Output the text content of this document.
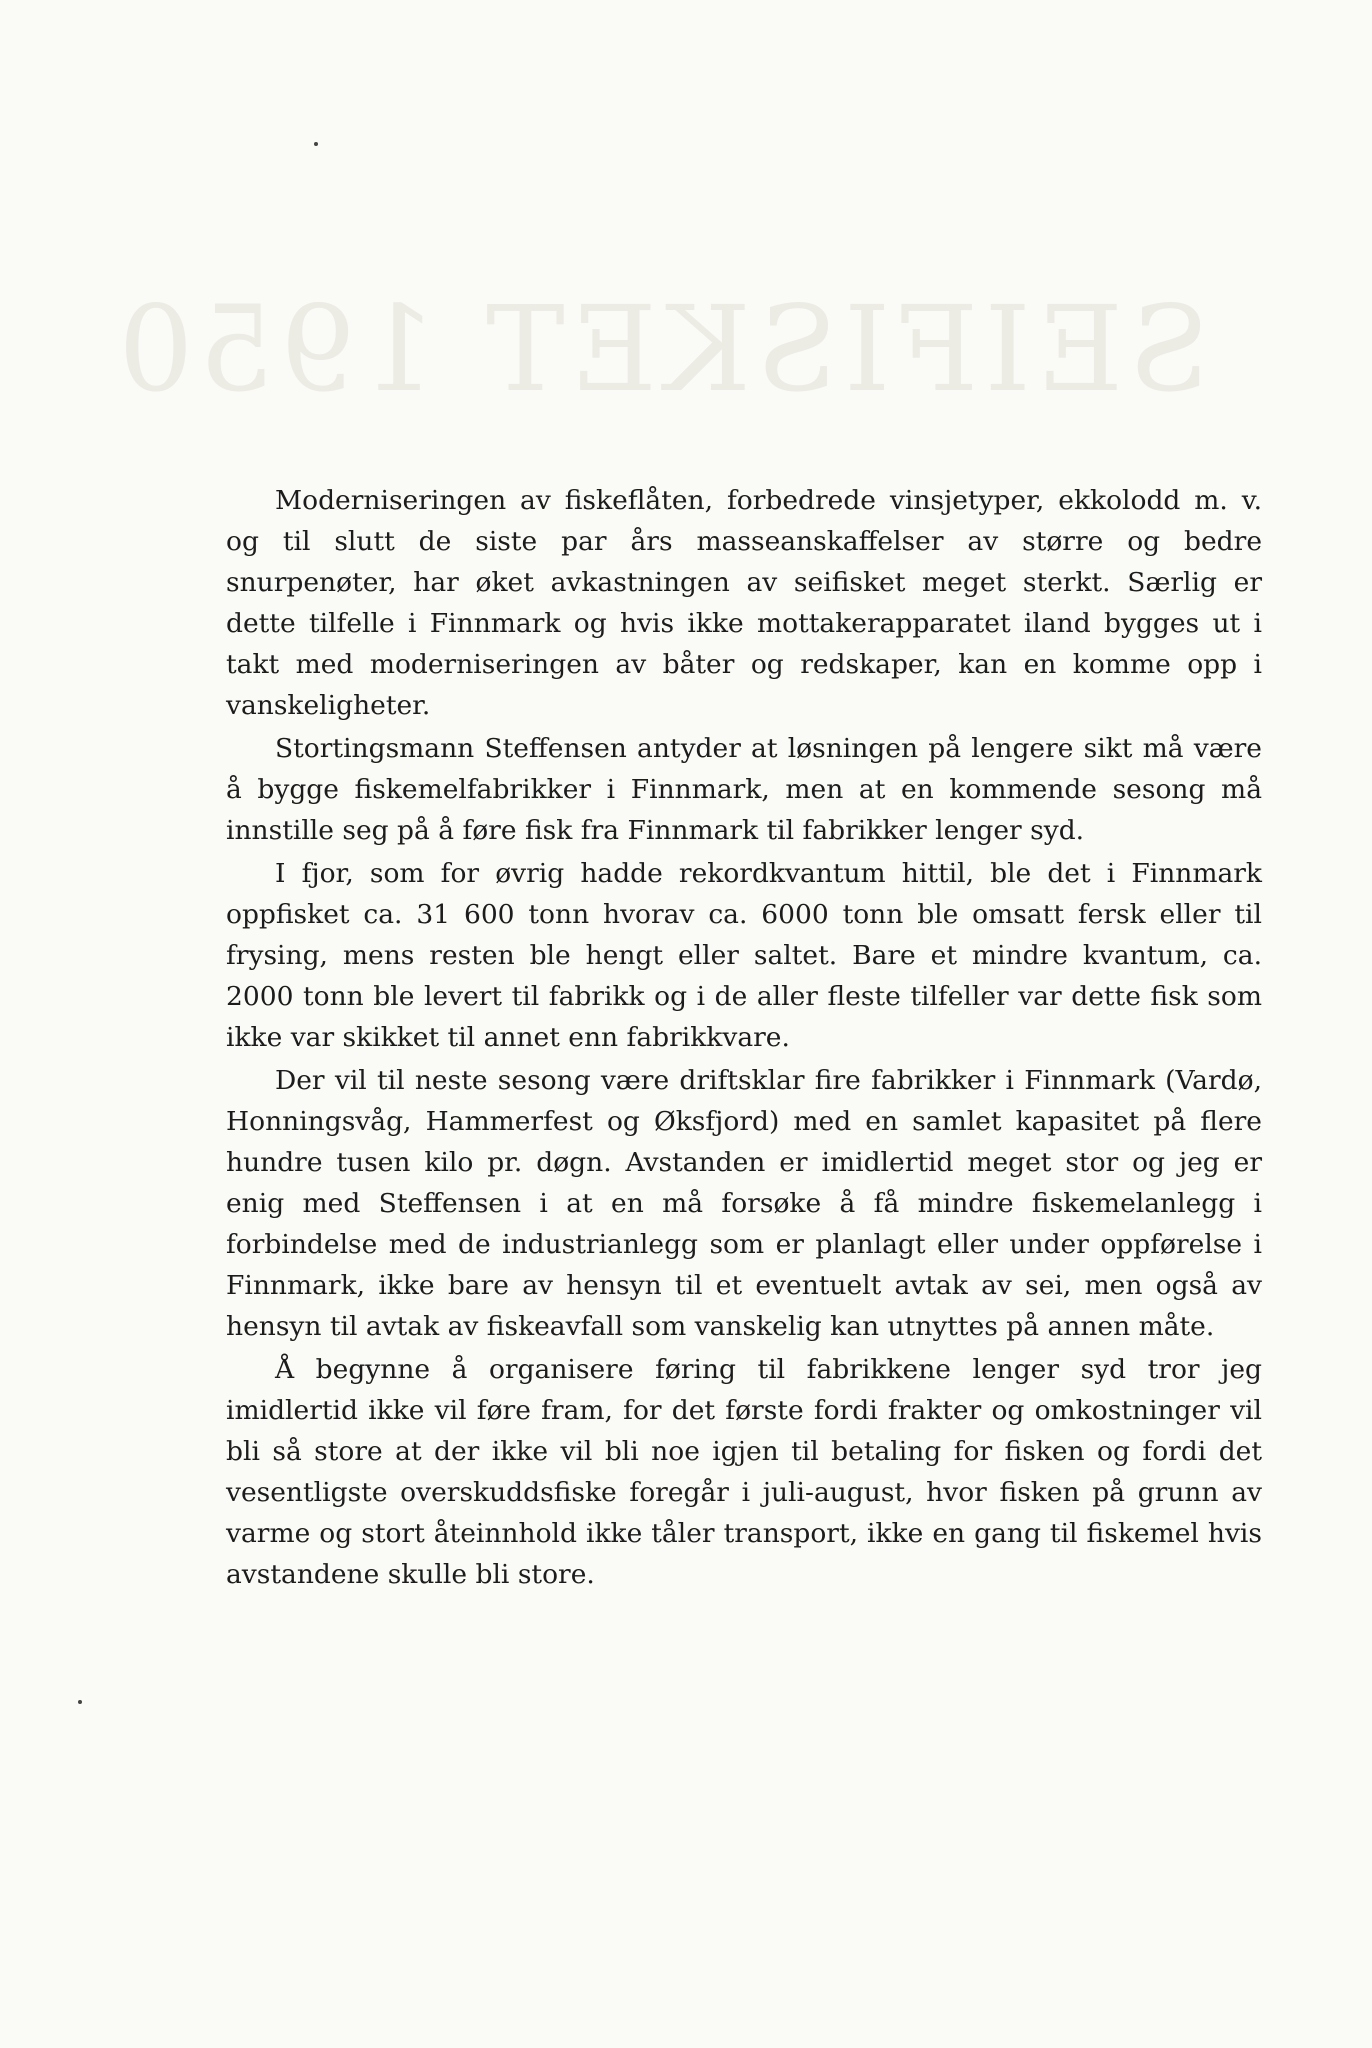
SEIFISKET 1950

Moderniseringen av fiskeflåten, forbedrede vinsjetyper, ekkolodd m. v. og til slutt de siste par års masseanskaffelser av større og bedre snurpenøter, har øket avkastningen av seifisket meget sterkt. Særlig er dette tilfelle i Finnmark og hvis ikke mottakerapparatet iland bygges ut i takt med moderniseringen av båter og redskaper, kan en komme opp i vanskeligheter.

Stortingsmann Steffensen antyder at løsningen på lengere sikt må være å bygge fiskemelfabrikker i Finnmark, men at en kommende sesong må innstille seg på å føre fisk fra Finnmark til fabrikker lenger syd.

I fjor, som for øvrig hadde rekordkvantum hittil, ble det i Finnmark oppfisket ca. 31 600 tonn hvorav ca. 6000 tonn ble omsatt fersk eller til frysing, mens resten ble hengt eller saltet. Bare et mindre kvantum, ca. 2000 tonn ble levert til fabrikk og i de aller fleste tilfeller var dette fisk som ikke var skikket til annet enn fabrikkvare.

Der vil til neste sesong være driftsklar fire fabrikker i Finnmark (Vardø, Honningsvåg, Hammerfest og Øksfjord) med en samlet kapasitet på flere hundre tusen kilo pr. døgn. Avstanden er imidlertid meget stor og jeg er enig med Steffensen i at en må forsøke å få mindre fiskemelanlegg i forbindelse med de industrianlegg som er planlagt eller under oppførelse i Finnmark, ikke bare av hensyn til et eventuelt avtak av sei, men også av hensyn til avtak av fiskeavfall som vanskelig kan utnyttes på annen måte.

Å begynne å organisere føring til fabrikkene lenger syd tror jeg imidlertid ikke vil føre fram, for det første fordi frakter og omkostninger vil bli så store at der ikke vil bli noe igjen til betaling for fisken og fordi det vesentligste overskuddsfiske foregår i juli-august, hvor fisken på grunn av varme og stort åteinnhold ikke tåler transport, ikke en gang til fiskemel hvis avstandene skulle bli store.
